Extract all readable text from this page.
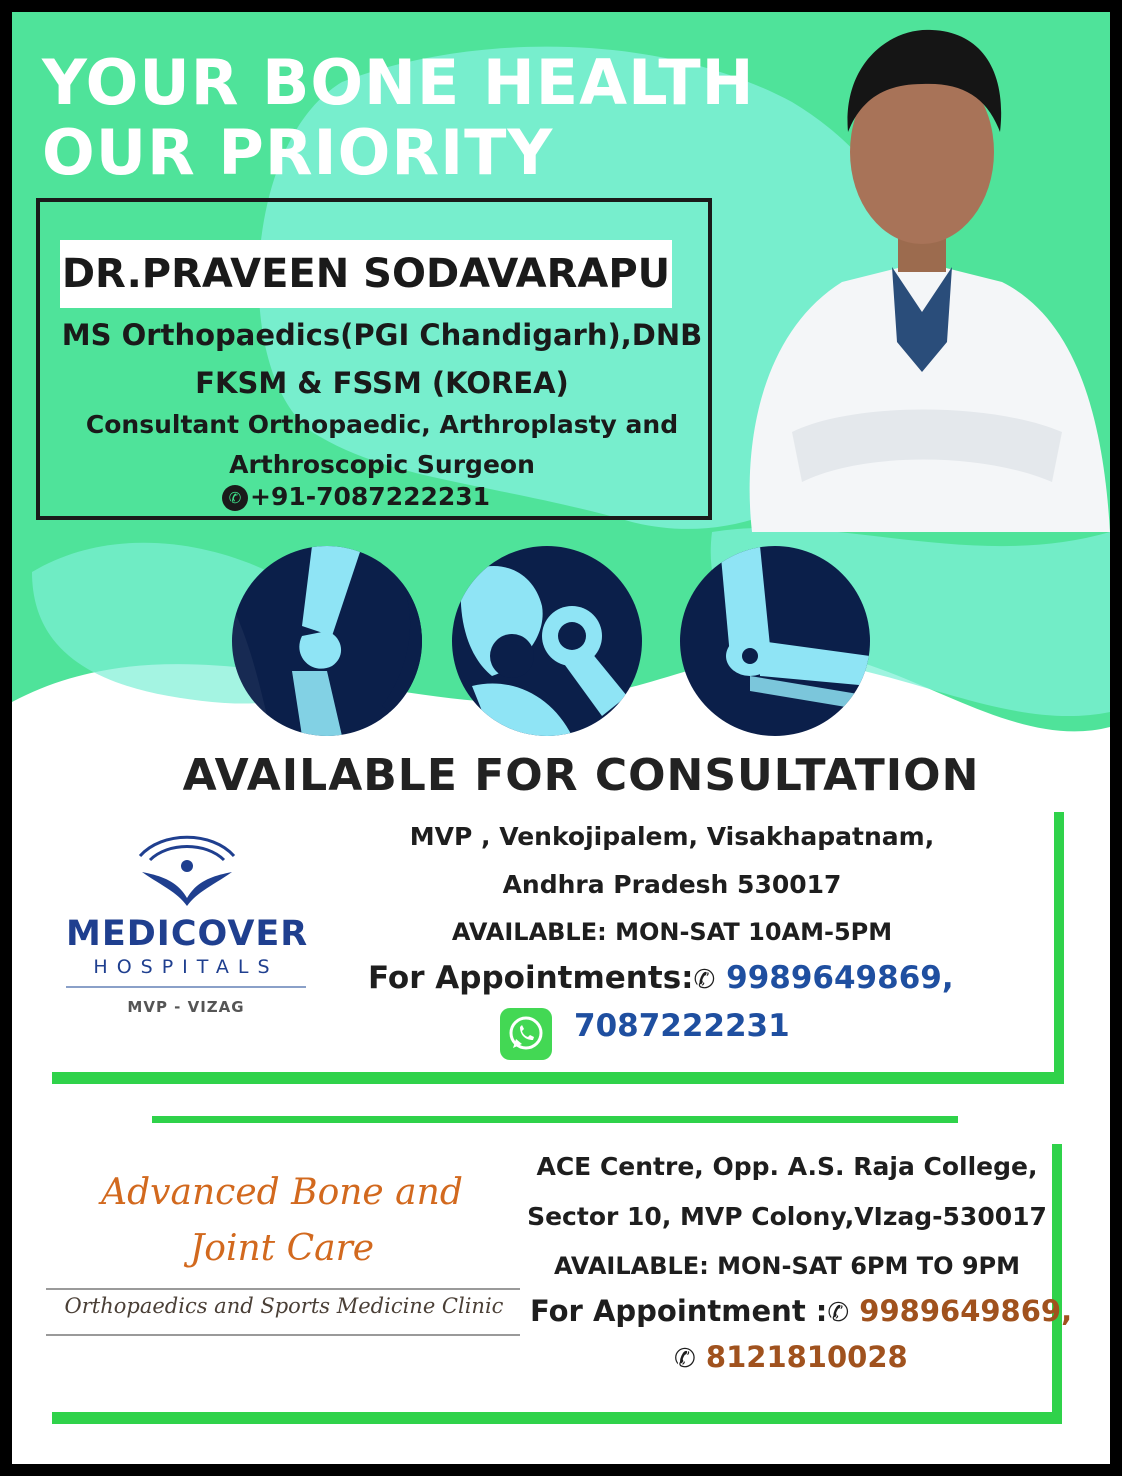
YOUR BONE HEALTH
OUR PRIORITY
DR.PRAVEEN SODAVARAPU
MS Orthopaedics(PGI Chandigarh),DNB
FKSM & FSSM (KOREA)
Consultant Orthopaedic, Arthroplasty and
Arthroscopic Surgeon
✆ +91-7087222231
AVAILABLE FOR CONSULTATION
MEDICOVER
HOSPITALS
MVP - VIZAG
MVP , Venkojipalem, Visakhapatnam,
Andhra Pradesh 530017
AVAILABLE: MON-SAT 10AM-5PM
For Appointments:✆ 9989649869,
7087222231
Advanced Bone and
Joint Care
Orthopaedics and Sports Medicine Clinic
ACE Centre, Opp. A.S. Raja College,
Sector 10, MVP Colony,VIzag-530017
AVAILABLE: MON-SAT 6PM TO 9PM
For Appointment :✆ 9989649869,
✆ 8121810028
